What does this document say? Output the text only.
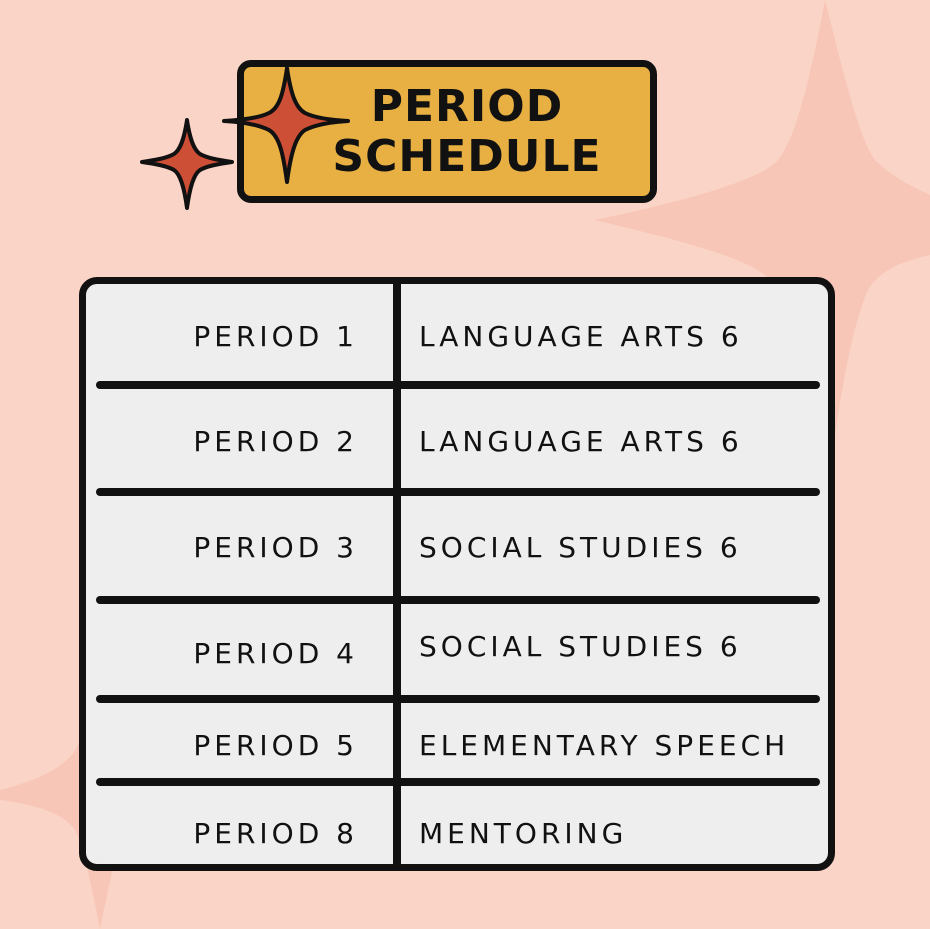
PERIOD
SCHEDULE
PERIOD 1 LANGUAGE ARTS 6
PERIOD 2 LANGUAGE ARTS 6
PERIOD 3 SOCIAL STUDIES 6
PERIOD 4 SOCIAL STUDIES 6
PERIOD 5 ELEMENTARY SPEECH
PERIOD 8 MENTORING
